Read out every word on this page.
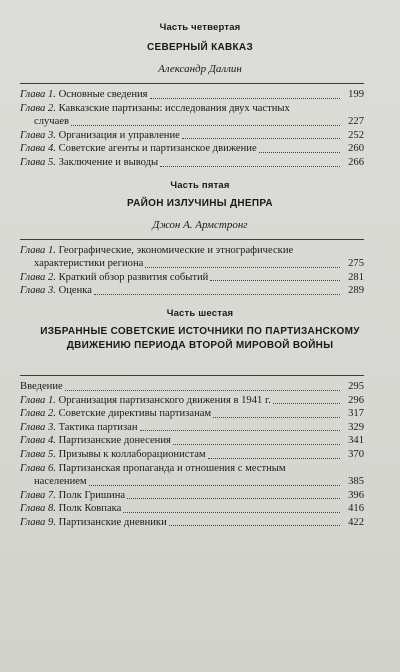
Часть четвертая

СЕВЕРНЫЙ КАВКАЗ

Александр Даллин

Глава 1. Основные сведения	199
Глава 2. Кавказские партизаны: исследования двух частных
случаев	227
Глава 3. Организация и управление	252
Глава 4. Советские агенты и партизанское движение	260
Глава 5. Заключение и выводы	266

Часть пятая

РАЙОН ИЗЛУЧИНЫ ДНЕПРА

Джон А. Армстронг

Глава 1. Географические, экономические и этнографические
характеристики региона	275
Глава 2. Краткий обзор развития событий	281
Глава 3. Оценка	289

Часть шестая

ИЗБРАННЫЕ СОВЕТСКИЕ ИСТОЧНИКИ ПО ПАРТИЗАНСКОМУ
ДВИЖЕНИЮ ПЕРИОДА ВТОРОЙ МИРОВОЙ ВОЙНЫ

Введение	295
Глава 1. Организация партизанского движения в 1941 г.	296
Глава 2. Советские директивы партизанам	317
Глава 3. Тактика партизан	329
Глава 4. Партизанские донесения	341
Глава 5. Призывы к коллаборационистам	370
Глава 6. Партизанская пропаганда и отношения с местным
населением	385
Глава 7. Полк Гришина	396
Глава 8. Полк Ковпака	416
Глава 9. Партизанские дневники	422
